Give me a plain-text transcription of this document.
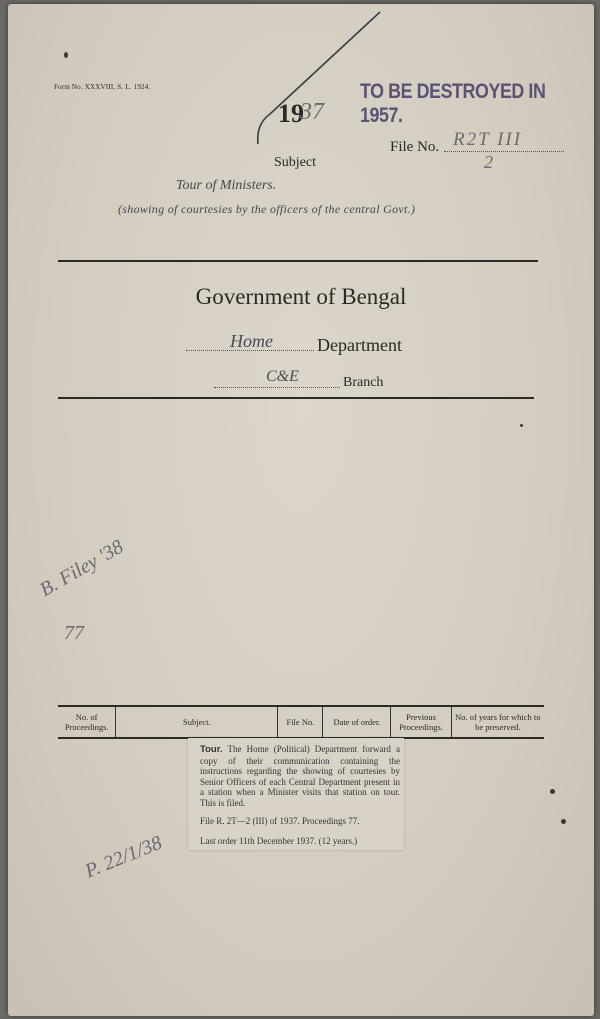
Form No. XXXVIII, S. L. 1924.	TO BE DESTROYED IN 1957.
19
37
File No. R2T III
2
Subject
Tour of Ministers.
(showing of courtesies by the officers of the central Govt.)
Government of Bengal
Home Department
C&E	Branch
B. Filey '38
77
No. of Proceedings.	Subject.	File No.	Date of order.	Previous Proceedings.	No. of years for which to be preserved.
Tour. The Home (Political) Department forward a copy of their communication containing the instructions regarding the showing of courtesies by Senior Officers of each Central Department present in a station when a Minister visits that station on tour. This is filed.
File R. 2T—2 (III) of 1937. Proceedings 77.
Last order 11th December 1937. (12 years.)
P. 22/1/38
